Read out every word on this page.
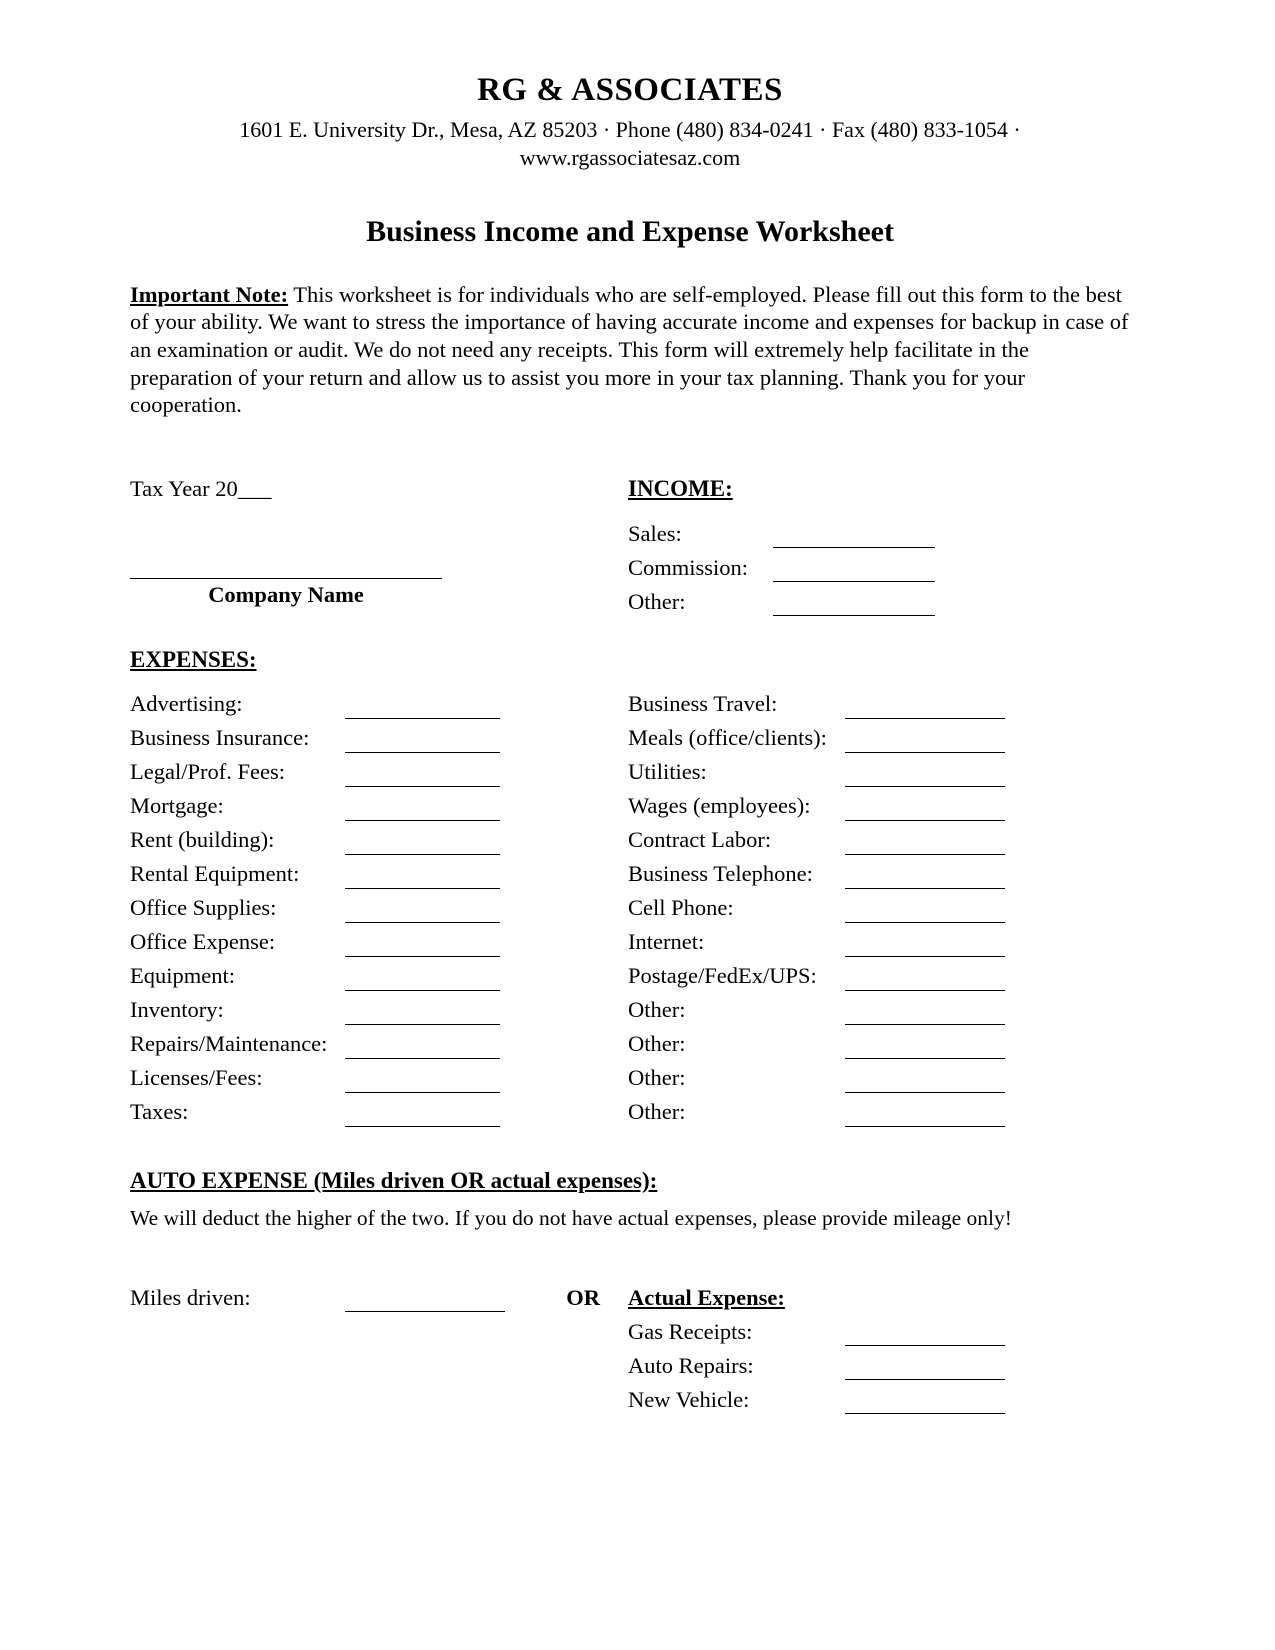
RG & ASSOCIATES
1601 E. University Dr., Mesa, AZ 85203 · Phone (480) 834-0241 · Fax (480) 833-1054 ·
www.rgassociatesaz.com
Business Income and Expense Worksheet

Important Note: This worksheet is for individuals who are self-employed. Please fill out this form to the best of your ability. We want to stress the importance of having accurate income and expenses for backup in case of an examination or audit. We do not need any receipts. This form will extremely help facilitate in the preparation of your return and allow us to assist you more in your tax planning. Thank you for your cooperation.

Tax Year 20___
Company Name
INCOME:
Sales:
Commission:
Other:
EXPENSES:
Advertising:
Business Insurance:
Legal/Prof. Fees:
Mortgage:
Rent (building):
Rental Equipment:
Office Supplies:
Office Expense:
Equipment:
Inventory:
Repairs/Maintenance:
Licenses/Fees:
Taxes:
Business Travel:
Meals (office/clients):
Utilities:
Wages (employees):
Contract Labor:
Business Telephone:
Cell Phone:
Internet:
Postage/FedEx/UPS:
Other:
Other:
Other:
Other:
AUTO EXPENSE (Miles driven OR actual expenses):
We will deduct the higher of the two. If you do not have actual expenses, please provide mileage only!
Miles driven:	OR Actual Expense:
Gas Receipts:
Auto Repairs:
New Vehicle:
